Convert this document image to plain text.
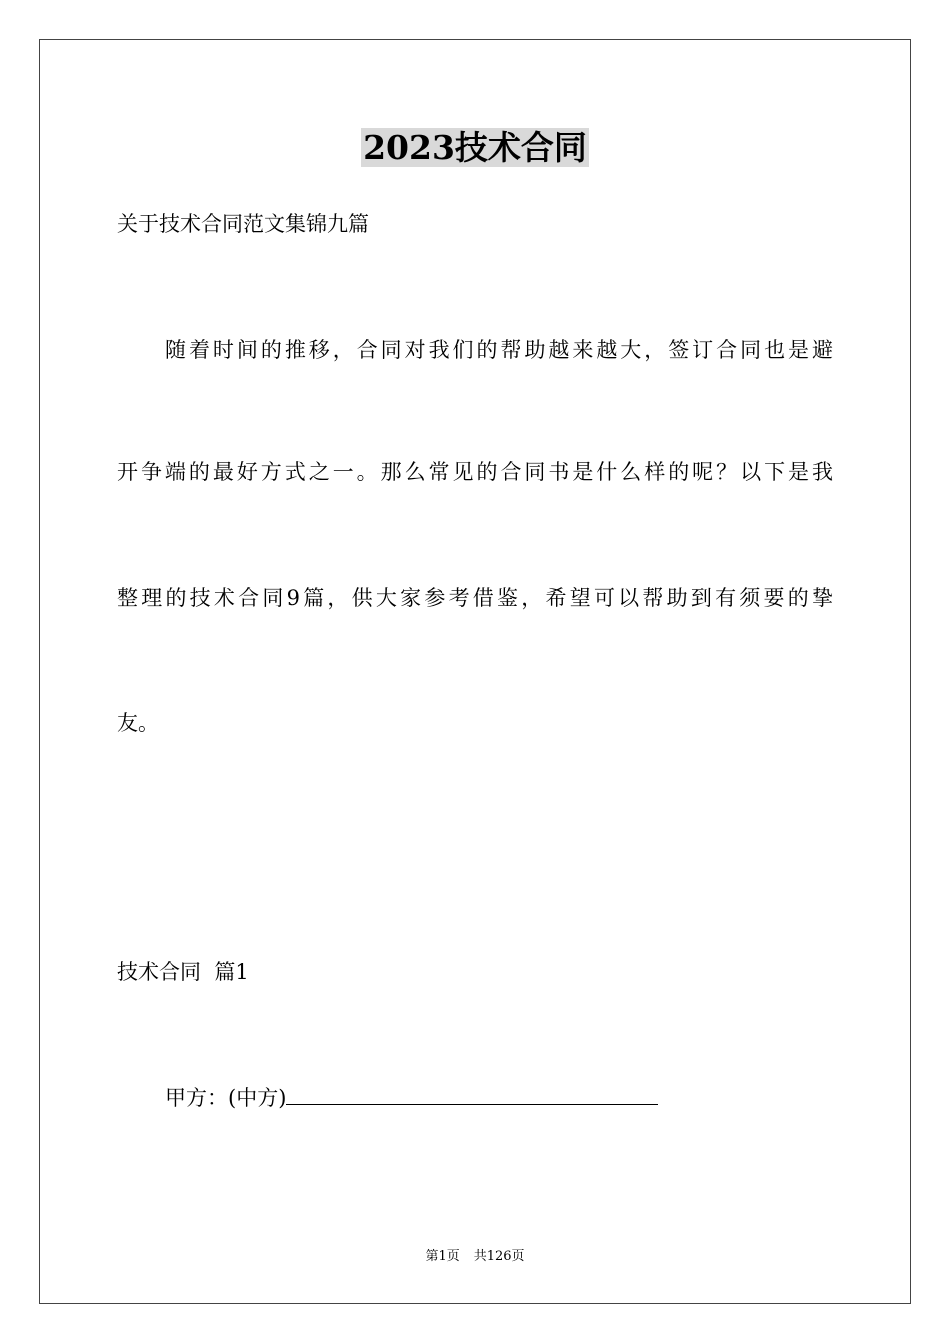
2023技术合同
关于技术合同范文集锦九篇
随着时间的推移，合同对我们的帮助越来越大，签订合同也是避
开争端的最好方式之一。那么常见的合同书是什么样的呢？以下是我
整理的技术合同9篇，供大家参考借鉴，希望可以帮助到有须要的挚
友。
技术合同  篇1
甲方：(中方)
第1页 共126页
